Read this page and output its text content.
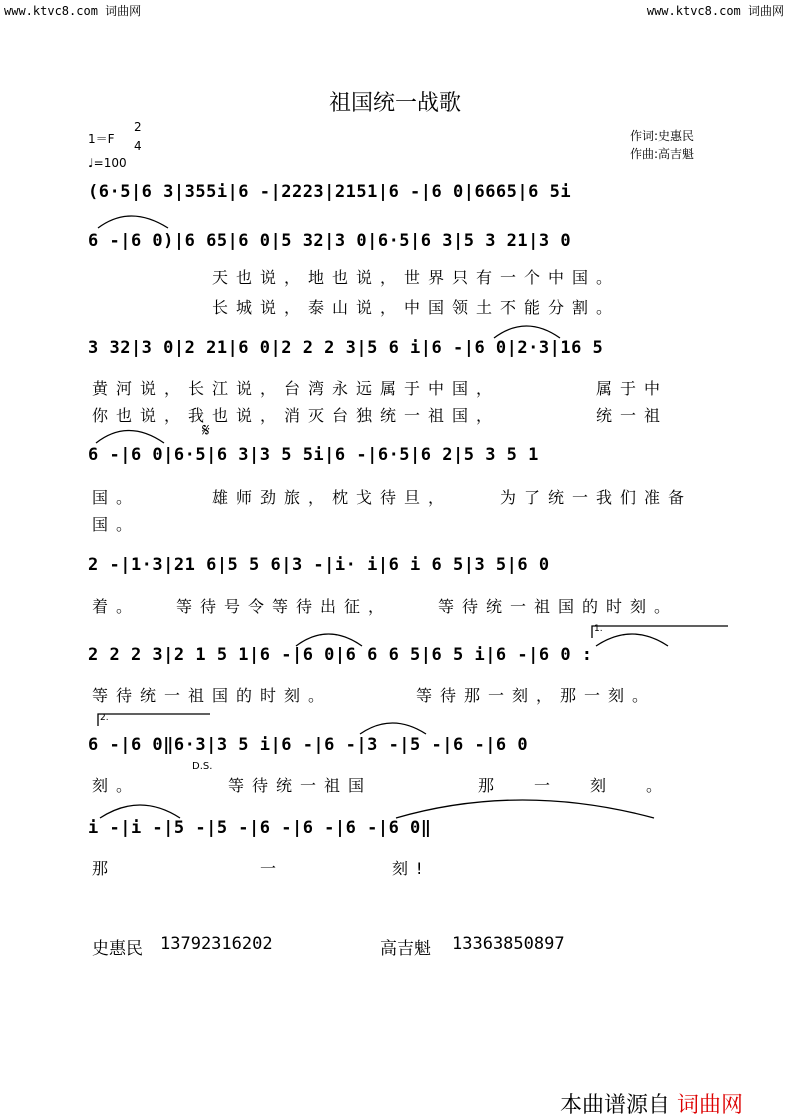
www.ktvc8.com 词曲网	www.ktvc8.com 词曲网
祖国统一战歌
1＝F
2
4
♩=100
作词:史惠民
作曲:高吉魁
(6·5|6 3|355i|6 -|2223|2151|6 -|6 0|6665|6 5i
6 -|6 0)|6 65|6 0|5 32|3 0|6·5|6 3|5 3 21|3 0
3 32|3 0|2 21|6 0|2 2 2 3|5 6 i|6 -|6 0|2·3|16 5
6 -|6 0|6·5|6 3|3 5 5i|6 -|6·5|6 2|5 3 5 1
2 -|1·3|21 6|5 5 6|3 -|i· i|6 i 6 5|3 5|6 0
2 2 2 3|2 1 5 1|6 -|6 0|6 6 6 5|6 5 i|6 -|6 0 :
6 -|6 0‖6·3|3 5 i|6 -|6 -|3 -|5 -|6 -|6 0
i -|i -|5 -|5 -|6 -|6 -|6 -|6 0‖
天也说，地也说，世界只有一个中国。
长城说，泰山说，中国领土不能分割。
黄河说，长江说，台湾永远属于中国，	属于中
你也说，我也说，消灭台独统一祖国，	统一祖
国。	雄师劲旅，枕戈待旦，	为了统一我们准备
国。
着。 等待号令等待出征，	等待统一祖国的时刻。
等待统一祖国的时刻。	等待那一刻，那一刻。
刻。	等待统一祖国	那一刻。
那	一	刻!
1.
2.
D.S.
𝄋
史惠民 13792316202	高吉魁 13363850897
本曲谱源自 词曲网
